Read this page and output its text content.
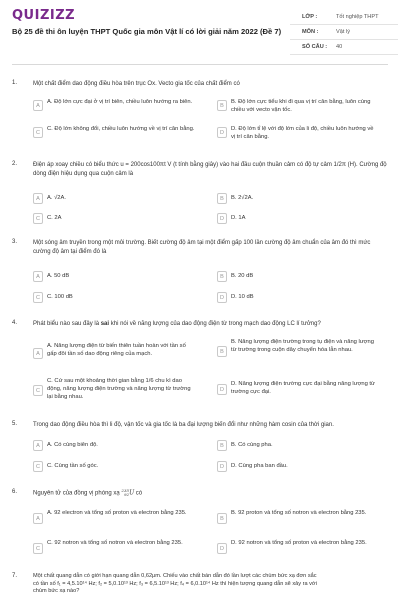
QUIZIZZ
Bộ 25 đề thi ôn luyện THPT Quốc gia môn Vật lí có lời giải năm 2022 (Đề 7)
LỚP :	Tốt nghiệp THPT
MÔN :	Vật lý
SỐ CÂU : 40
1.	Một chất điểm dao động điều hòa trên trục Ox. Vecto gia tốc của chất điểm có
A
A. Độ lớn cực đại ở vị trí biên, chiều luôn hướng ra biên.
B
B. Độ lớn cực tiểu khi đi qua vị trí cân bằng, luôn cùng chiều với vecto vận tốc.
C
C. Độ lớn không đổi, chiều luôn hướng về vị trí cân bằng.
D
D. Độ lớn tỉ lệ với độ lớn của li độ, chiều luôn hướng về vị trí cân bằng.
2.	Điện áp xoay chiều có biểu thức u = 200cos100πt V (t tính bằng giây) vào hai đầu cuộn thuần cảm có độ tự cảm 1/2π (H). Cường độ dòng điện hiệu dụng qua cuộn cảm là
A	A. √2A.	B	B. 2√2A.
C	C. 2A	D	D. 1A
3.	Một sóng âm truyền trong một môi trường. Biết cường độ âm tại một điểm gấp 100 lần cường độ âm chuẩn của âm đó thì mức cường độ âm tại điểm đó là
A	A. 50 dB	B	B. 20 dB
C	C. 100 dB	D	D. 10 dB
4.	Phát biểu nào sau đây là sai khi nói về năng lượng của dao động điện từ trong mạch dao động LC lí tưởng?
A
A. Năng lượng điện từ biến thiên tuần hoàn với tần số gấp đôi tần số dao động riêng của mạch.	B
B. Năng lượng điện trường trong tụ điện và năng lượng từ trường trong cuộn dây chuyển hóa lẫn nhau.
C
C. Cứ sau một khoảng thời gian bằng 1/6 chu kì dao động, năng lượng điện trường và năng lượng từ trường lại bằng nhau.
D
D. Năng lượng điện trường cực đại bằng năng lượng từ trường cực đại.
5.	Trong dao động điều hòa thì li độ, vận tốc và gia tốc là ba đại lượng biến đổi như những hàm cosin của thời gian.
A	A. Có cùng biên độ.	B	B. Có cùng pha.
C	C. Cùng tần số góc.	D	D. Cùng pha ban đầu.
6.	Nguyên tử của đồng vị phóng xạ
235
92 U có
A
A. 92 electron và tổng số proton và electron bằng 235.
B
B. 92 proton và tổng số notron và electron bằng 235.
C
C. 92 notron và tổng số notron và electron bằng 235.
D
D. 92 notron và tổng số proton và electron bằng 235.
7.	Một chất quang dẫn có giới hạn quang dẫn 0,62μm. Chiếu vào chất bán dẫn đó lần lượt các chùm bức xạ đơn sắc
có tần số f₁ = 4,5.10¹⁴ Hz; f₂ = 5,0.10¹³ Hz; f₃ = 6,5.10¹³ Hz; f₄ = 6,0.10¹⁴ Hz thì hiện tượng quang dẫn sẽ xảy ra với
chùm bức xạ nào?
